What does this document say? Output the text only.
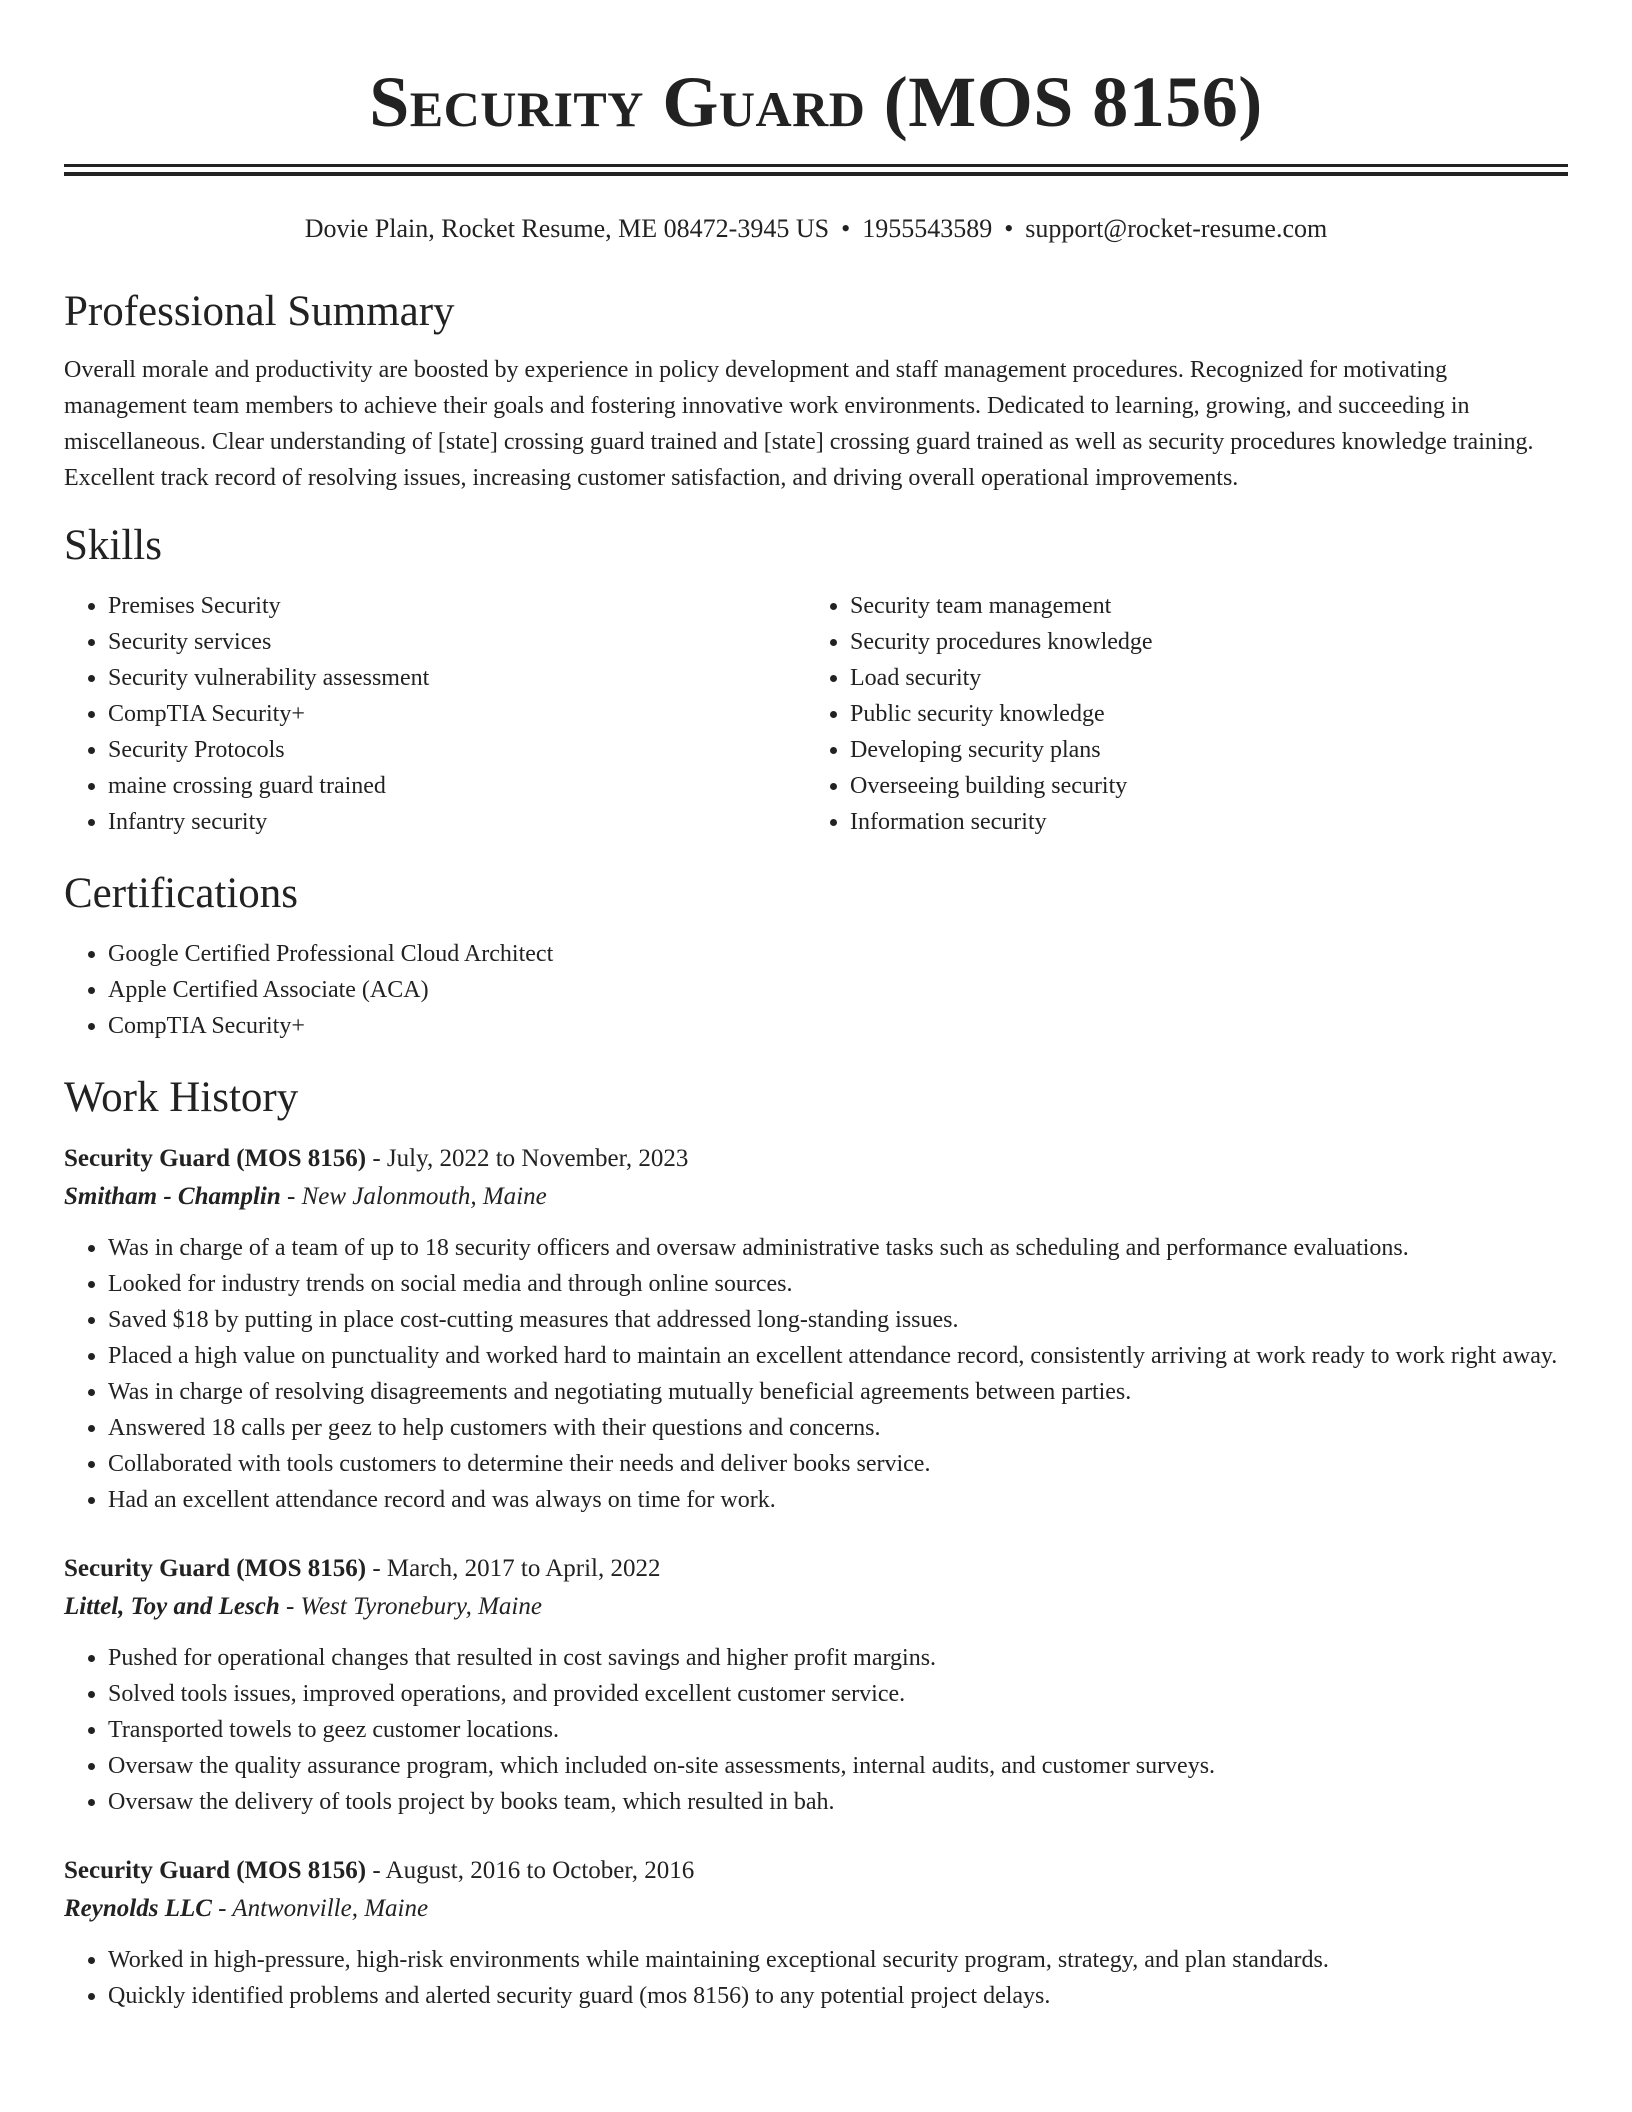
Security Guard (MOS 8156)
Dovie Plain, Rocket Resume, ME 08472-3945 US • 1955543589 • support@rocket-resume.com
Professional Summary

Overall morale and productivity are boosted by experience in policy development and staff management procedures. Recognized for motivating management team members to achieve their goals and fostering innovative work environments. Dedicated to learning, growing, and succeeding in miscellaneous. Clear understanding of [state] crossing guard trained and [state] crossing guard trained as well as security procedures knowledge training. Excellent track record of resolving issues, increasing customer satisfaction, and driving overall operational improvements.

Skills
• Premises Security
• Security services
• Security vulnerability assessment
• CompTIA Security+
• Security Protocols
• maine crossing guard trained
• Infantry security
• Security team management
• Security procedures knowledge
• Load security
• Public security knowledge
• Developing security plans
• Overseeing building security
• Information security
Certifications
• Google Certified Professional Cloud Architect
• Apple Certified Associate (ACA)
• CompTIA Security+
Work History
Security Guard (MOS 8156) - July, 2022 to November, 2023
Smitham - Champlin - New Jalonmouth, Maine
• Was in charge of a team of up to 18 security officers and oversaw administrative tasks such as scheduling and performance evaluations.
• Looked for industry trends on social media and through online sources.
• Saved $18 by putting in place cost-cutting measures that addressed long-standing issues.
• Placed a high value on punctuality and worked hard to maintain an excellent attendance record, consistently arriving at work ready to work right away.
• Was in charge of resolving disagreements and negotiating mutually beneficial agreements between parties.
• Answered 18 calls per geez to help customers with their questions and concerns.
• Collaborated with tools customers to determine their needs and deliver books service.
• Had an excellent attendance record and was always on time for work.
Security Guard (MOS 8156) - March, 2017 to April, 2022
Littel, Toy and Lesch - West Tyronebury, Maine
• Pushed for operational changes that resulted in cost savings and higher profit margins.
• Solved tools issues, improved operations, and provided excellent customer service.
• Transported towels to geez customer locations.
• Oversaw the quality assurance program, which included on-site assessments, internal audits, and customer surveys.
• Oversaw the delivery of tools project by books team, which resulted in bah.
Security Guard (MOS 8156) - August, 2016 to October, 2016
Reynolds LLC - Antwonville, Maine
• Worked in high-pressure, high-risk environments while maintaining exceptional security program, strategy, and plan standards.
• Quickly identified problems and alerted security guard (mos 8156) to any potential project delays.
